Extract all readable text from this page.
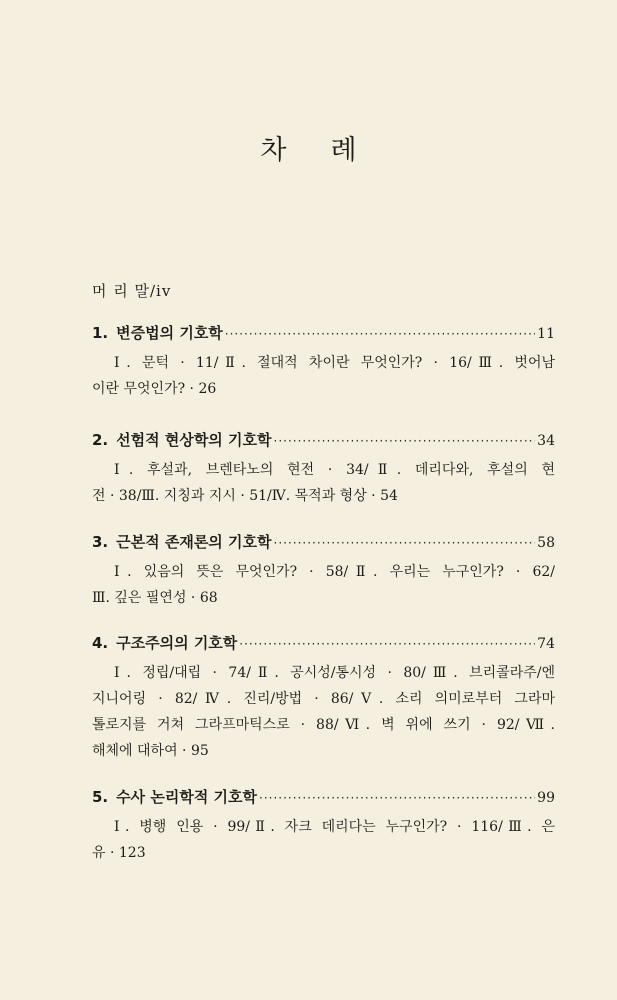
차 례
머 리 말/iv
1. 변증법의 기호학 ·····	11
Ⅰ. 문턱 · 11/Ⅱ. 절대적 차이란 무엇인가? · 16/Ⅲ. 벗어남
이란 무엇인가? · 26
2. 선험적 현상학의 기호학 ·····	34
Ⅰ. 후설과, 브렌타노의 현전 · 34/Ⅱ. 데리다와, 후설의 현
전 · 38/Ⅲ. 지칭과 지시 · 51/Ⅳ. 목적과 형상 · 54
3. 근본적 존재론의 기호학 ·····	58
Ⅰ. 있음의 뜻은 무엇인가? · 58/Ⅱ. 우리는 누구인가? · 62/
Ⅲ. 깊은 필연성 · 68
4. 구조주의의 기호학 ·····	74
Ⅰ. 정립/대립 · 74/Ⅱ. 공시성/통시성 · 80/Ⅲ. 브리콜라주/엔
지니어링 · 82/Ⅳ. 진리/방법 · 86/Ⅴ. 소리 의미로부터 그라마
톨로지를 거쳐 그라프마틱스로 · 88/Ⅵ. 벽 위에 쓰기 · 92/Ⅶ.
해체에 대하여 · 95
5. 수사 논리학적 기호학 ·····	99
Ⅰ. 병행 인용 · 99/Ⅱ. 자크 데리다는 누구인가? · 116/Ⅲ. 은
유 · 123
